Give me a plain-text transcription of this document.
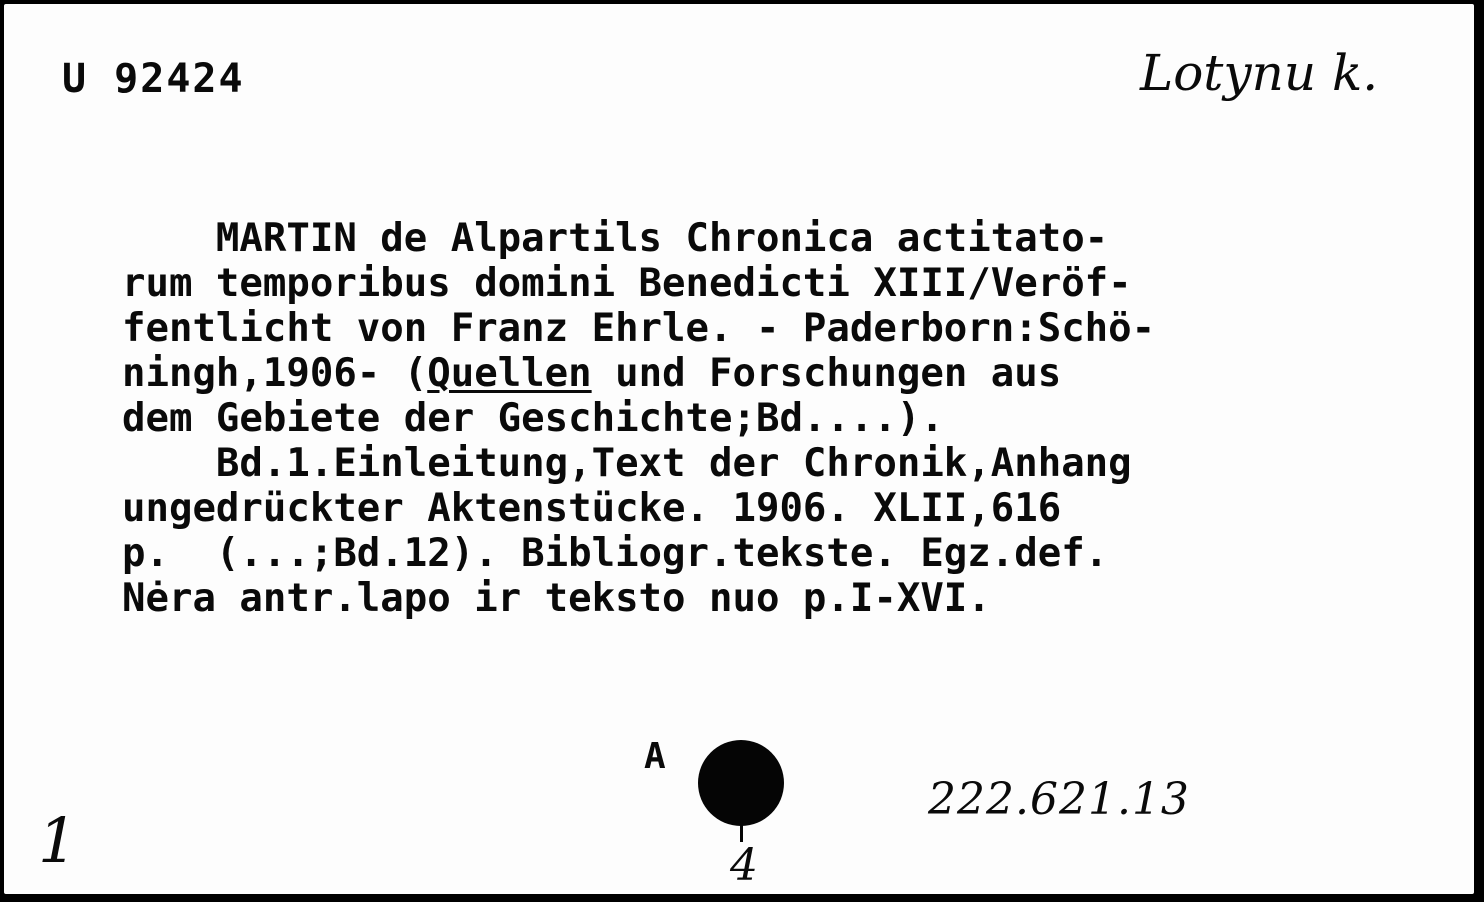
U 92424	Lotynu k.
MARTIN de Alpartils Chronica actitato-
rum temporibus domini Benedicti XIII/Veröf-
fentlicht von Franz Ehrle. - Paderborn:Schö-
ningh,1906- (Quellen und Forschungen aus
dem Gebiete der Geschichte;Bd....).
Bd.1.Einleitung,Text der Chronik,Anhang
ungedrückter Aktenstücke. 1906. XLII,616
p.  (...;Bd.12). Bibliogr.tekste. Egz.def.
Nėra antr.lapo ir teksto nuo p.I-XVI.
A
4
222.621.13
1
